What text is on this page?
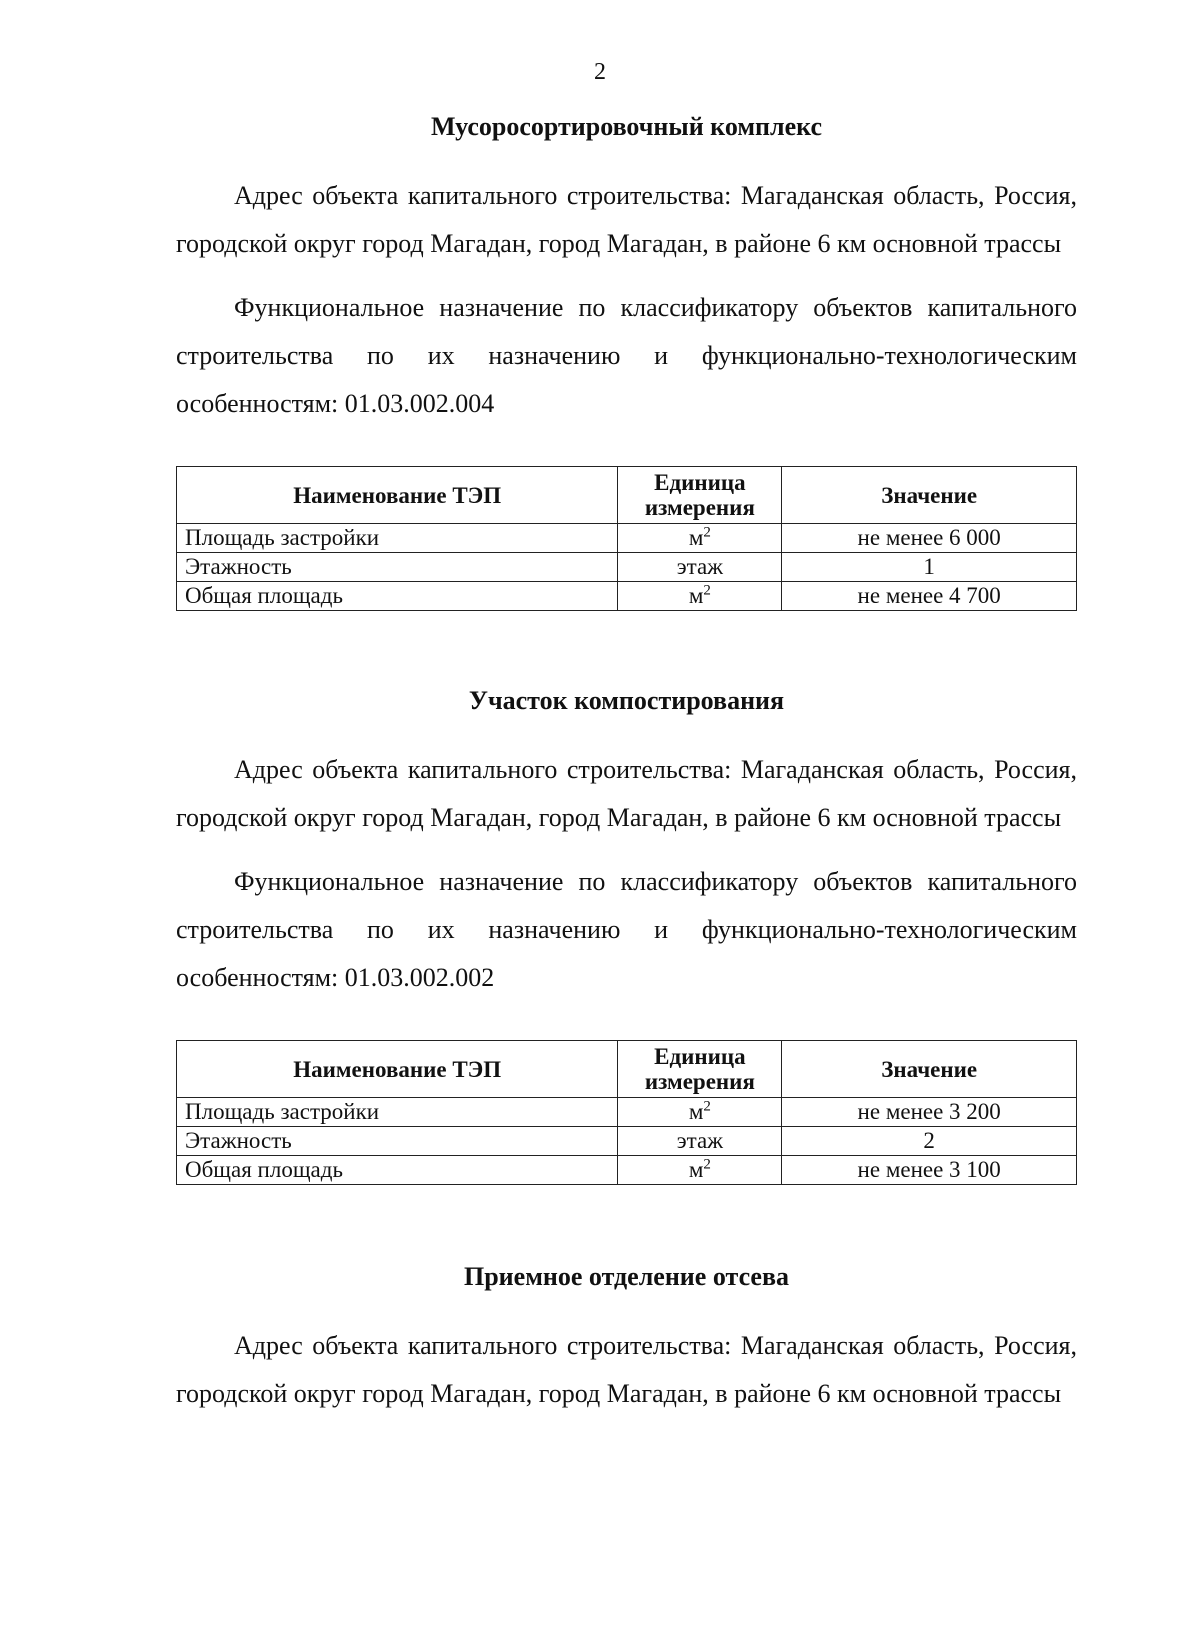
2
Мусоросортировочный комплекс

Адрес объекта капитального строительства: Магаданская область, Россия, городской округ город Магадан, город Магадан, в районе 6 км основной трассы

Функциональное назначение по классификатору объектов капитального строительства по их назначению и функционально-технологическим особенностям: 01.03.002.004

Наименование ТЭП	Единица измерения	Значение
Площадь застройки	$м^2$	не менее 6 000
Этажность	этаж	1
Общая площадь	$м^2$	не менее 4 700
Участок компостирования

Адрес объекта капитального строительства: Магаданская область, Россия, городской округ город Магадан, город Магадан, в районе 6 км основной трассы

Функциональное назначение по классификатору объектов капитального строительства по их назначению и функционально-технологическим особенностям: 01.03.002.002

Наименование ТЭП	Единица измерения	Значение
Площадь застройки	$м^2$	не менее 3 200
Этажность	этаж	2
Общая площадь	$м^2$	не менее 3 100
Приемное отделение отсева

Адрес объекта капитального строительства: Магаданская область, Россия, городской округ город Магадан, город Магадан, в районе 6 км основной трассы
